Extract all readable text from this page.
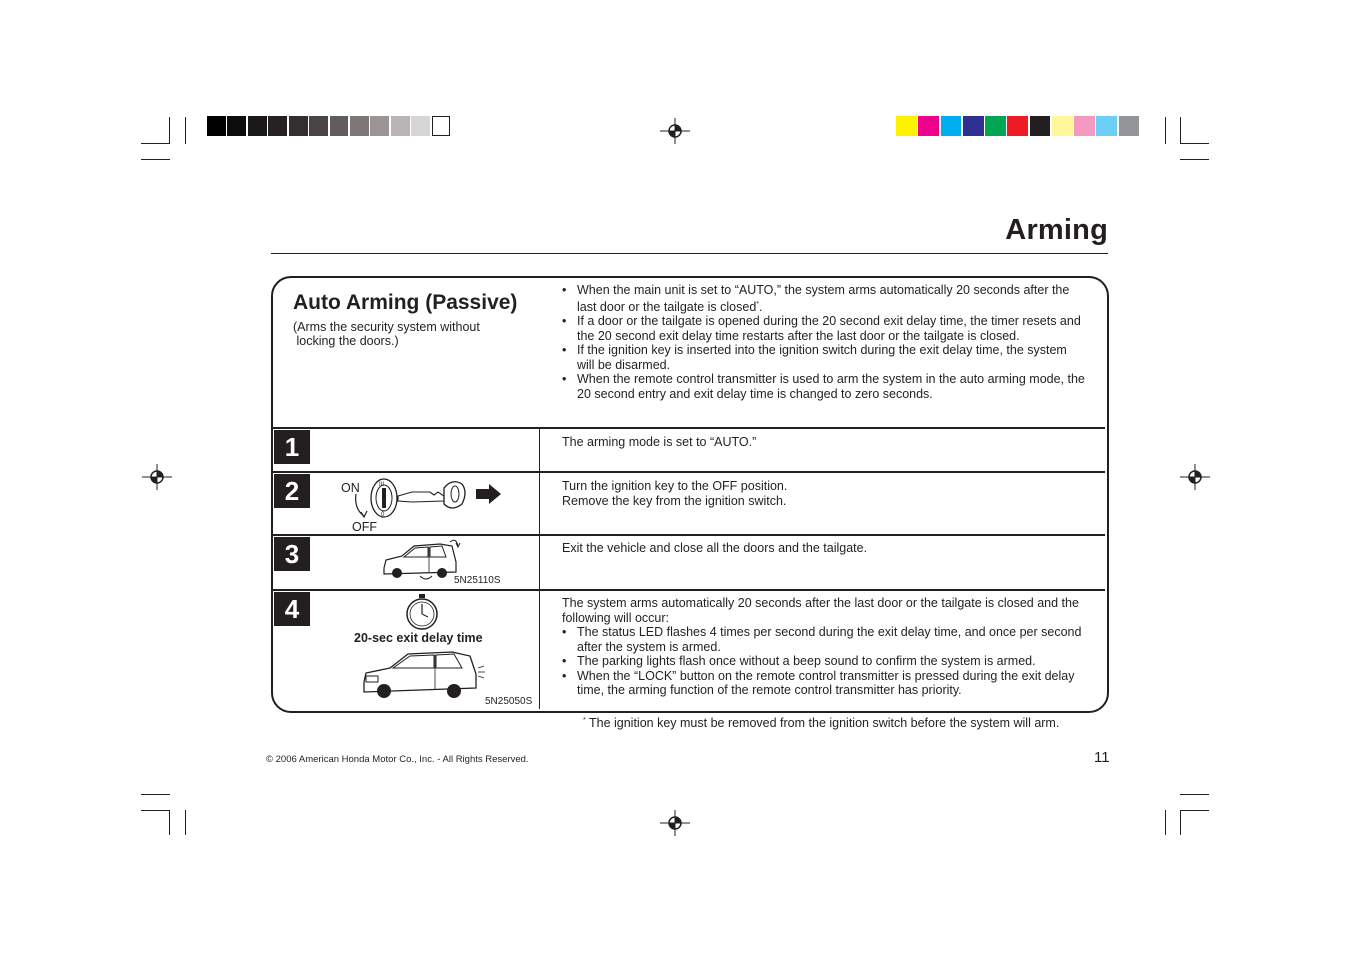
Arming
Auto Arming (Passive)
(Arms the security system without
locking the doors.)
• When the main unit is set to “AUTO,” the system arms automatically 20 seconds after the last door or the tailgate is closed*.
• If a door or the tailgate is opened during the 20 second exit delay time, the timer resets and the 20 second exit delay time restarts after the last door or the tailgate is closed.
• If the ignition key is inserted into the ignition switch during the exit delay time, the system will be disarmed.
• When the remote control transmitter is used to arm the system in the auto arming mode, the 20 second entry and exit delay time is changed to zero seconds.
1	The arming mode is set to “AUTO.”
2	ON
OFF
III
0
Turn the ignition key to the OFF position.
Remove the key from the ignition switch.
3
5N25110S
Exit the vehicle and close all the doors and the tailgate.
4
20-sec exit delay time
5N25050S
The system arms automatically 20 seconds after the last door or the tailgate is closed and the following will occur:
• The status LED flashes 4 times per second during the exit delay time, and once per second after the system is armed.
• The parking lights flash once without a beep sound to confirm the system is armed.
• When the “LOCK” button on the remote control transmitter is pressed during the exit delay time, the arming function of the remote control transmitter has priority.
* The ignition key must be removed from the ignition switch before the system will arm.
© 2006 American Honda Motor Co., Inc. - All Rights Reserved.	11
